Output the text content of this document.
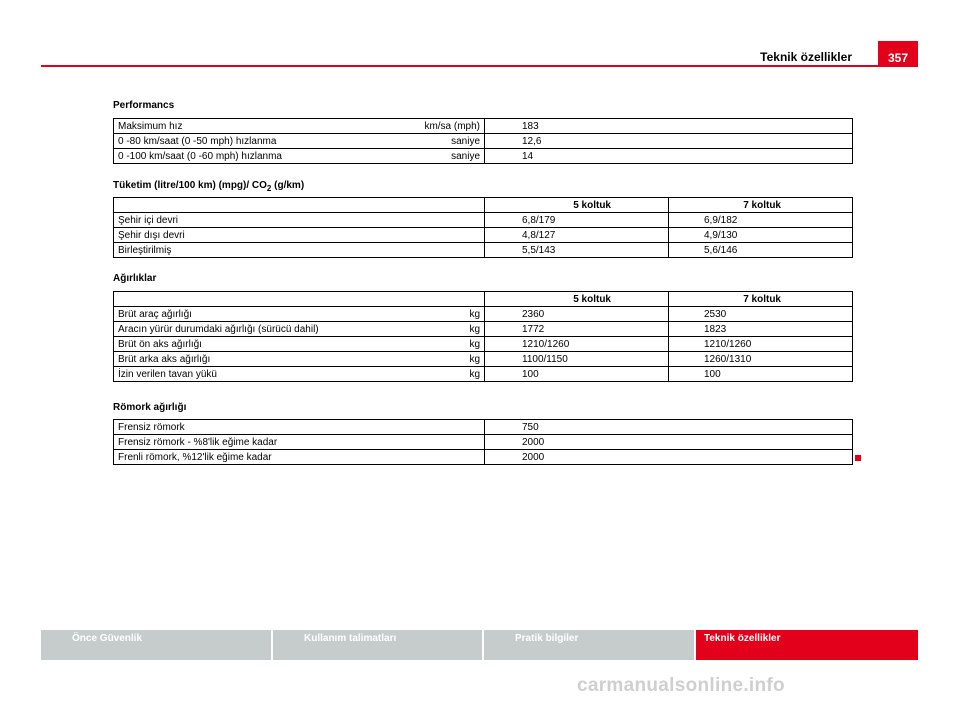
Teknik özellikler	357
Performancs
Maksimum hız km/sa (mph)	183
0 -80 km/saat (0 -50 mph) hızlanma saniye	12,6
0 -100 km/saat (0 -60 mph) hızlanma saniye	14
Tüketim (litre/100 km) (mpg)/ $CO_2$ (g/km)
	5 koltuk	7 koltuk
Şehir içi devri	6,8/179	6,9/182
Şehir dışı devri	4,8/127	4,9/130
Birleştirilmiş	5,5/143	5,6/146
Ağırlıklar
	5 koltuk	7 koltuk
Brüt araç ağırlığı kg	2360	2530
Aracın yürür durumdaki ağırlığı (sürücü dahil) kg	1772	1823
Brüt ön aks ağırlığı kg	1210/1260	1210/1260
Brüt arka aks ağırlığı kg	1100/1150	1260/1310
İzin verilen tavan yükü kg	100	100
Römork ağırlığı
Frensiz römork	750
Frensiz römork - %8'lik eğime kadar	2000
Frenli römork, %12'lik eğime kadar	2000
Önce Güvenlik	Kullanım talimatları	Pratik bilgiler	Teknik özellikler
carmanualsonline.info
